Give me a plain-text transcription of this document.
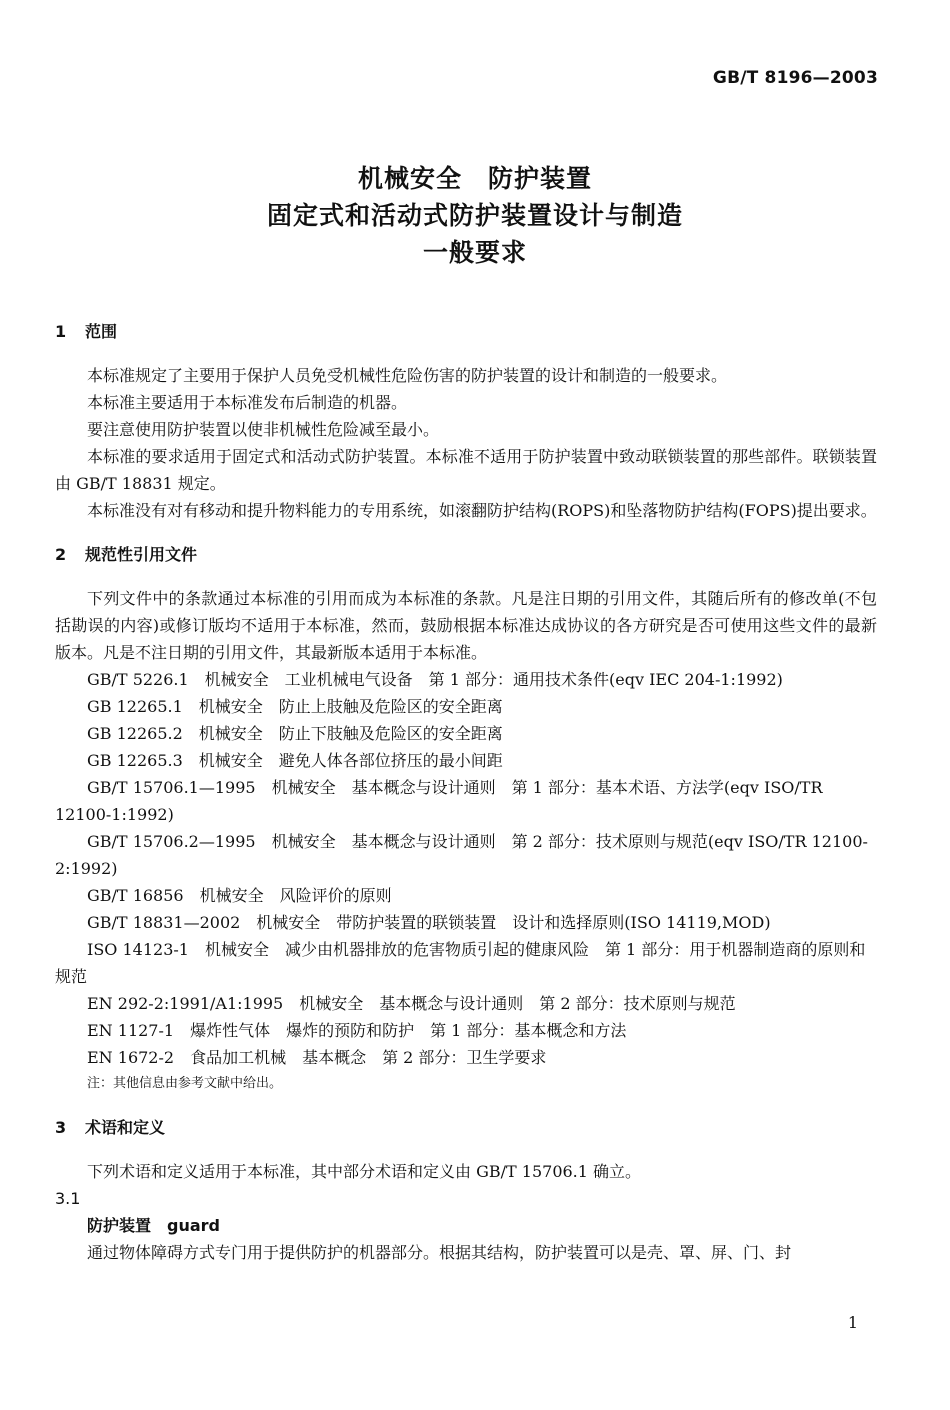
GB/T 8196—2003
机械安全　防护装置
固定式和活动式防护装置设计与制造
一般要求
1 范围

本标准规定了主要用于保护人员免受机械性危险伤害的防护装置的设计和制造的一般要求。

本标准主要适用于本标准发布后制造的机器。

要注意使用防护装置以使非机械性危险减至最小。

本标准的要求适用于固定式和活动式防护装置。本标准不适用于防护装置中致动联锁装置的那些部件。联锁装置由 GB/T 18831 规定。

本标准没有对有移动和提升物料能力的专用系统，如滚翻防护结构(ROPS)和坠落物防护结构(FOPS)提出要求。

2 规范性引用文件

下列文件中的条款通过本标准的引用而成为本标准的条款。凡是注日期的引用文件，其随后所有的修改单(不包括勘误的内容)或修订版均不适用于本标准，然而，鼓励根据本标准达成协议的各方研究是否可使用这些文件的最新版本。凡是不注日期的引用文件，其最新版本适用于本标准。

GB/T 5226.1　机械安全　工业机械电气设备　第 1 部分：通用技术条件(eqv IEC 204-1:1992)
GB 12265.1　机械安全　防止上肢触及危险区的安全距离
GB 12265.2　机械安全　防止下肢触及危险区的安全距离
GB 12265.3　机械安全　避免人体各部位挤压的最小间距
GB/T 15706.1—1995　机械安全　基本概念与设计通则　第 1 部分：基本术语、方法学(eqv ISO/TR 12100-1:1992)
GB/T 15706.2—1995　机械安全　基本概念与设计通则　第 2 部分：技术原则与规范(eqv ISO/TR 12100-2:1992)
GB/T 16856　机械安全　风险评价的原则
GB/T 18831—2002　机械安全　带防护装置的联锁装置　设计和选择原则(ISO 14119,MOD)
ISO 14123-1　机械安全　减少由机器排放的危害物质引起的健康风险　第 1 部分：用于机器制造商的原则和规范
EN 292-2:1991/A1:1995　机械安全　基本概念与设计通则　第 2 部分：技术原则与规范
EN 1127-1　爆炸性气体　爆炸的预防和防护　第 1 部分：基本概念和方法
EN 1672-2　食品加工机械　基本概念　第 2 部分：卫生学要求
注：其他信息由参考文献中给出。
3 术语和定义

下列术语和定义适用于本标准，其中部分术语和定义由 GB/T 15706.1 确立。

3.1
防护装置　guard

通过物体障碍方式专门用于提供防护的机器部分。根据其结构，防护装置可以是壳、罩、屏、门、封

1
